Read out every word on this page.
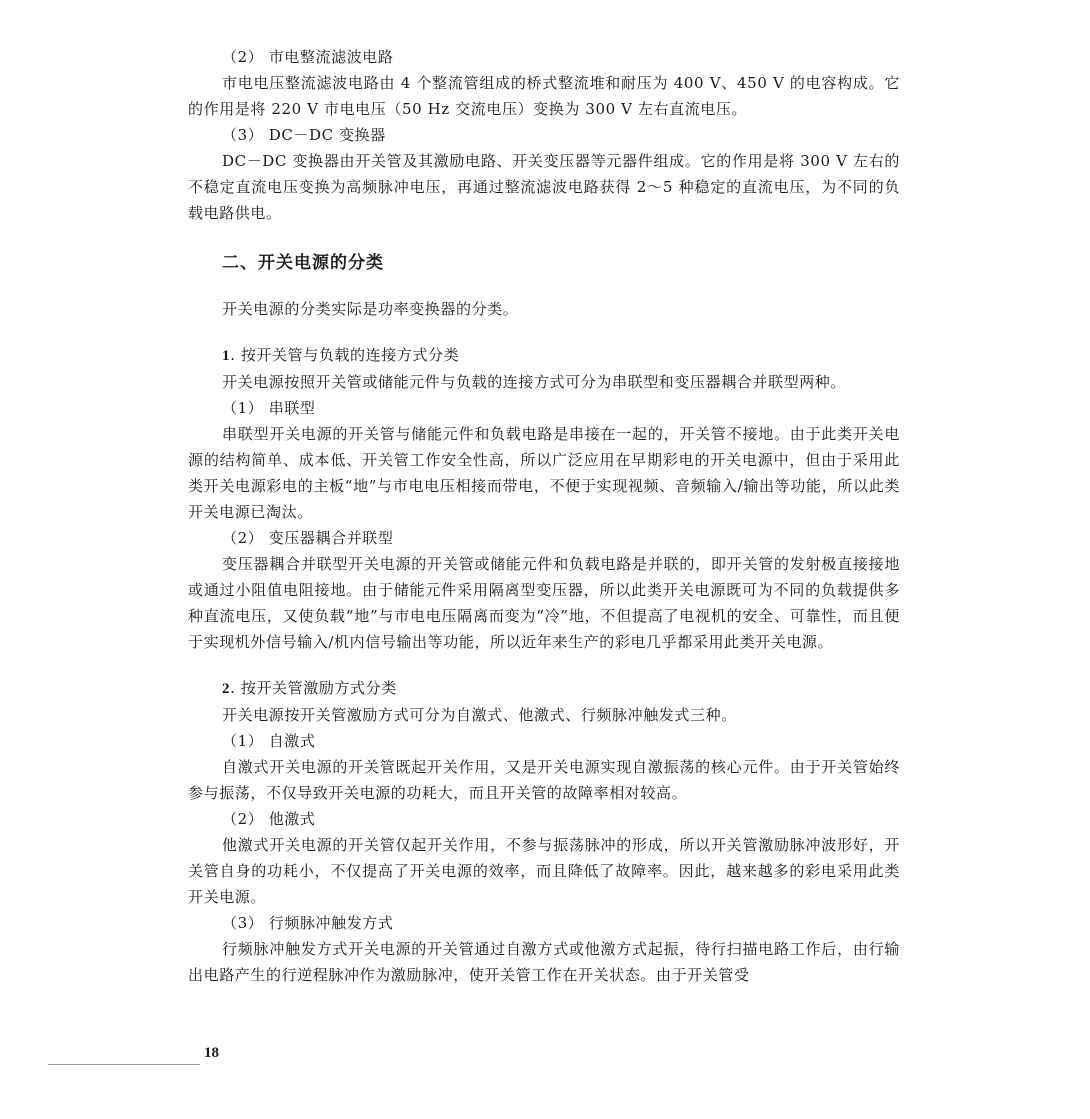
（2） 市电整流滤波电路

市电电压整流滤波电路由 4 个整流管组成的桥式整流堆和耐压为 400 V、450 V 的电容构成。它的作用是将 220 V 市电电压（50 Hz 交流电压）变换为 300 V 左右直流电压。

（3） DC－DC 变换器

DC－DC 变换器由开关管及其激励电路、开关变压器等元器件组成。它的作用是将 300 V 左右的不稳定直流电压变换为高频脉冲电压，再通过整流滤波电路获得 2～5 种稳定的直流电压，为不同的负载电路供电。

二、开关电源的分类

开关电源的分类实际是功率变换器的分类。

1. 按开关管与负载的连接方式分类

开关电源按照开关管或储能元件与负载的连接方式可分为串联型和变压器耦合并联型两种。

（1） 串联型

串联型开关电源的开关管与储能元件和负载电路是串接在一起的，开关管不接地。由于此类开关电源的结构简单、成本低、开关管工作安全性高，所以广泛应用在早期彩电的开关电源中，但由于采用此类开关电源彩电的主板“地”与市电电压相接而带电，不便于实现视频、音频输入/输出等功能，所以此类开关电源已淘汰。

（2） 变压器耦合并联型

变压器耦合并联型开关电源的开关管或储能元件和负载电路是并联的，即开关管的发射极直接接地或通过小阻值电阻接地。由于储能元件采用隔离型变压器，所以此类开关电源既可为不同的负载提供多种直流电压，又使负载“地”与市电电压隔离而变为“冷”地，不但提高了电视机的安全、可靠性，而且便于实现机外信号输入/机内信号输出等功能，所以近年来生产的彩电几乎都采用此类开关电源。

2. 按开关管激励方式分类

开关电源按开关管激励方式可分为自激式、他激式、行频脉冲触发式三种。

（1） 自激式

自激式开关电源的开关管既起开关作用，又是开关电源实现自激振荡的核心元件。由于开关管始终参与振荡，不仅导致开关电源的功耗大，而且开关管的故障率相对较高。

（2） 他激式

他激式开关电源的开关管仅起开关作用，不参与振荡脉冲的形成，所以开关管激励脉冲波形好，开关管自身的功耗小，不仅提高了开关电源的效率，而且降低了故障率。因此，越来越多的彩电采用此类开关电源。

（3） 行频脉冲触发方式

行频脉冲触发方式开关电源的开关管通过自激方式或他激方式起振，待行扫描电路工作后，由行输出电路产生的行逆程脉冲作为激励脉冲，使开关管工作在开关状态。由于开关管受

18
